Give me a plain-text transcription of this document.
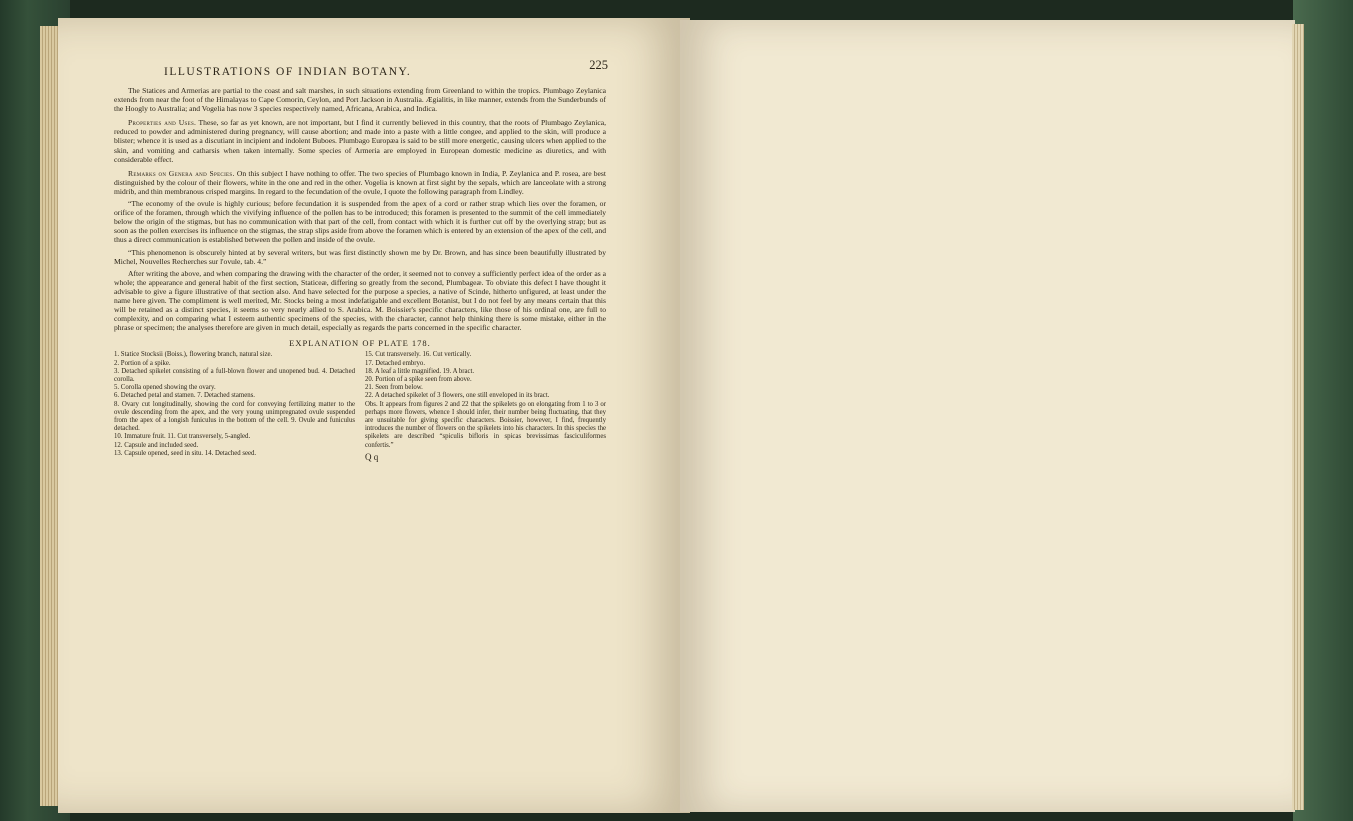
ILLUSTRATIONS OF INDIAN BOTANY.	225

The Statices and Armerias are partial to the coast and salt marshes, in such situations extending from Greenland to within the tropics. Plumbago Zeylanica extends from near the foot of the Himalayas to Cape Comorin, Ceylon, and Port Jackson in Australia. Ægialitis, in like manner, extends from the Sunderbunds of the Hoogly to Australia; and Vogelia has now 3 species respectively named, Africana, Arabica, and Indica.

Properties and Uses. These, so far as yet known, are not important, but I find it currently believed in this country, that the roots of Plumbago Zeylanica, reduced to powder and administered during pregnancy, will cause abortion; and made into a paste with a little congee, and applied to the skin, will produce a blister; whence it is used as a discutiant in incipient and indolent Buboes. Plumbago Europæa is said to be still more energetic, causing ulcers when applied to the skin, and vomiting and catharsis when taken internally. Some species of Armeria are employed in European domestic medicine as diuretics, and with considerable effect.

Remarks on Genera and Species. On this subject I have nothing to offer. The two species of Plumbago known in India, P. Zeylanica and P. rosea, are best distinguished by the colour of their flowers, white in the one and red in the other. Vogelia is known at first sight by the sepals, which are lanceolate with a strong midrib, and thin membranous crisped margins. In regard to the fecundation of the ovule, I quote the following paragraph from Lindley.

“The economy of the ovule is highly curious; before fecundation it is suspended from the apex of a cord or rather strap which lies over the foramen, or orifice of the foramen, through which the vivifying influence of the pollen has to be introduced; this foramen is presented to the summit of the cell immediately below the origin of the stigmas, but has no communication with that part of the cell, from contact with which it is further cut off by the overlying strap; but as soon as the pollen exercises its influence on the stigmas, the strap slips aside from above the foramen which is entered by an extension of the apex of the cell, and thus a direct communication is established between the pollen and inside of the ovule.

“This phenomenon is obscurely hinted at by several writers, but was first distinctly shown me by Dr. Brown, and has since been beautifully illustrated by Michel, Nouvelles Recherches sur l'ovule, tab. 4.”

After writing the above, and when comparing the drawing with the character of the order, it seemed not to convey a sufficiently perfect idea of the order as a whole; the appearance and general habit of the first section, Staticeæ, differing so greatly from the second, Plumbageæ. To obviate this defect I have thought it advisable to give a figure illustrative of that section also. And have selected for the purpose a species, a native of Scinde, hitherto unfigured, at least under the name here given. The compliment is well merited, Mr. Stocks being a most indefatigable and excellent Botanist, but I do not feel by any means certain that this will be retained as a distinct species, it seems so very nearly allied to S. Arabica. M. Boissier's specific characters, like those of his ordinal one, are full to complexity, and on comparing what I esteem authentic specimens of the species, with the character, cannot help thinking there is some mistake, either in the phrase or specimen; the analyses therefore are given in much detail, especially as regards the parts concerned in the specific character.

EXPLANATION OF PLATE 178.
1. Statice Stocksii (Boiss.), flowering branch, natural size.
2. Portion of a spike.
3. Detached spikelet consisting of a full-blown flower and unopened bud. 4. Detached corolla.
5. Corolla opened showing the ovary.
6. Detached petal and stamen. 7. Detached stamens.
8. Ovary cut longitudinally, showing the cord for conveying fertilizing matter to the ovule descending from the apex, and the very young unimpregnated ovule suspended from the apex of a longish funiculus in the bottom of the cell. 9. Ovule and funiculus detached.
10. Immature fruit. 11. Cut transversely, 5-angled.
12. Capsule and included seed.
13. Capsule opened, seed in situ. 14. Detached seed.
15. Cut transversely. 16. Cut vertically.
17. Detached embryo.
18. A leaf a little magnified. 19. A bract.
20. Portion of a spike seen from above.
21. Seen from below.
22. A detached spikelet of 3 flowers, one still enveloped in its bract.
Obs. It appears from figures 2 and 22 that the spikelets go on elongating from 1 to 3 or perhaps more flowers, whence I should infer, their number being fluctuating, that they are unsuitable for giving specific characters. Boissier, however, I find, frequently introduces the number of flowers on the spikelets into his characters. In this species the spikelets are described “spiculis bifloris in spicas brevissimas fasciculiformes confertis.”
Q q
